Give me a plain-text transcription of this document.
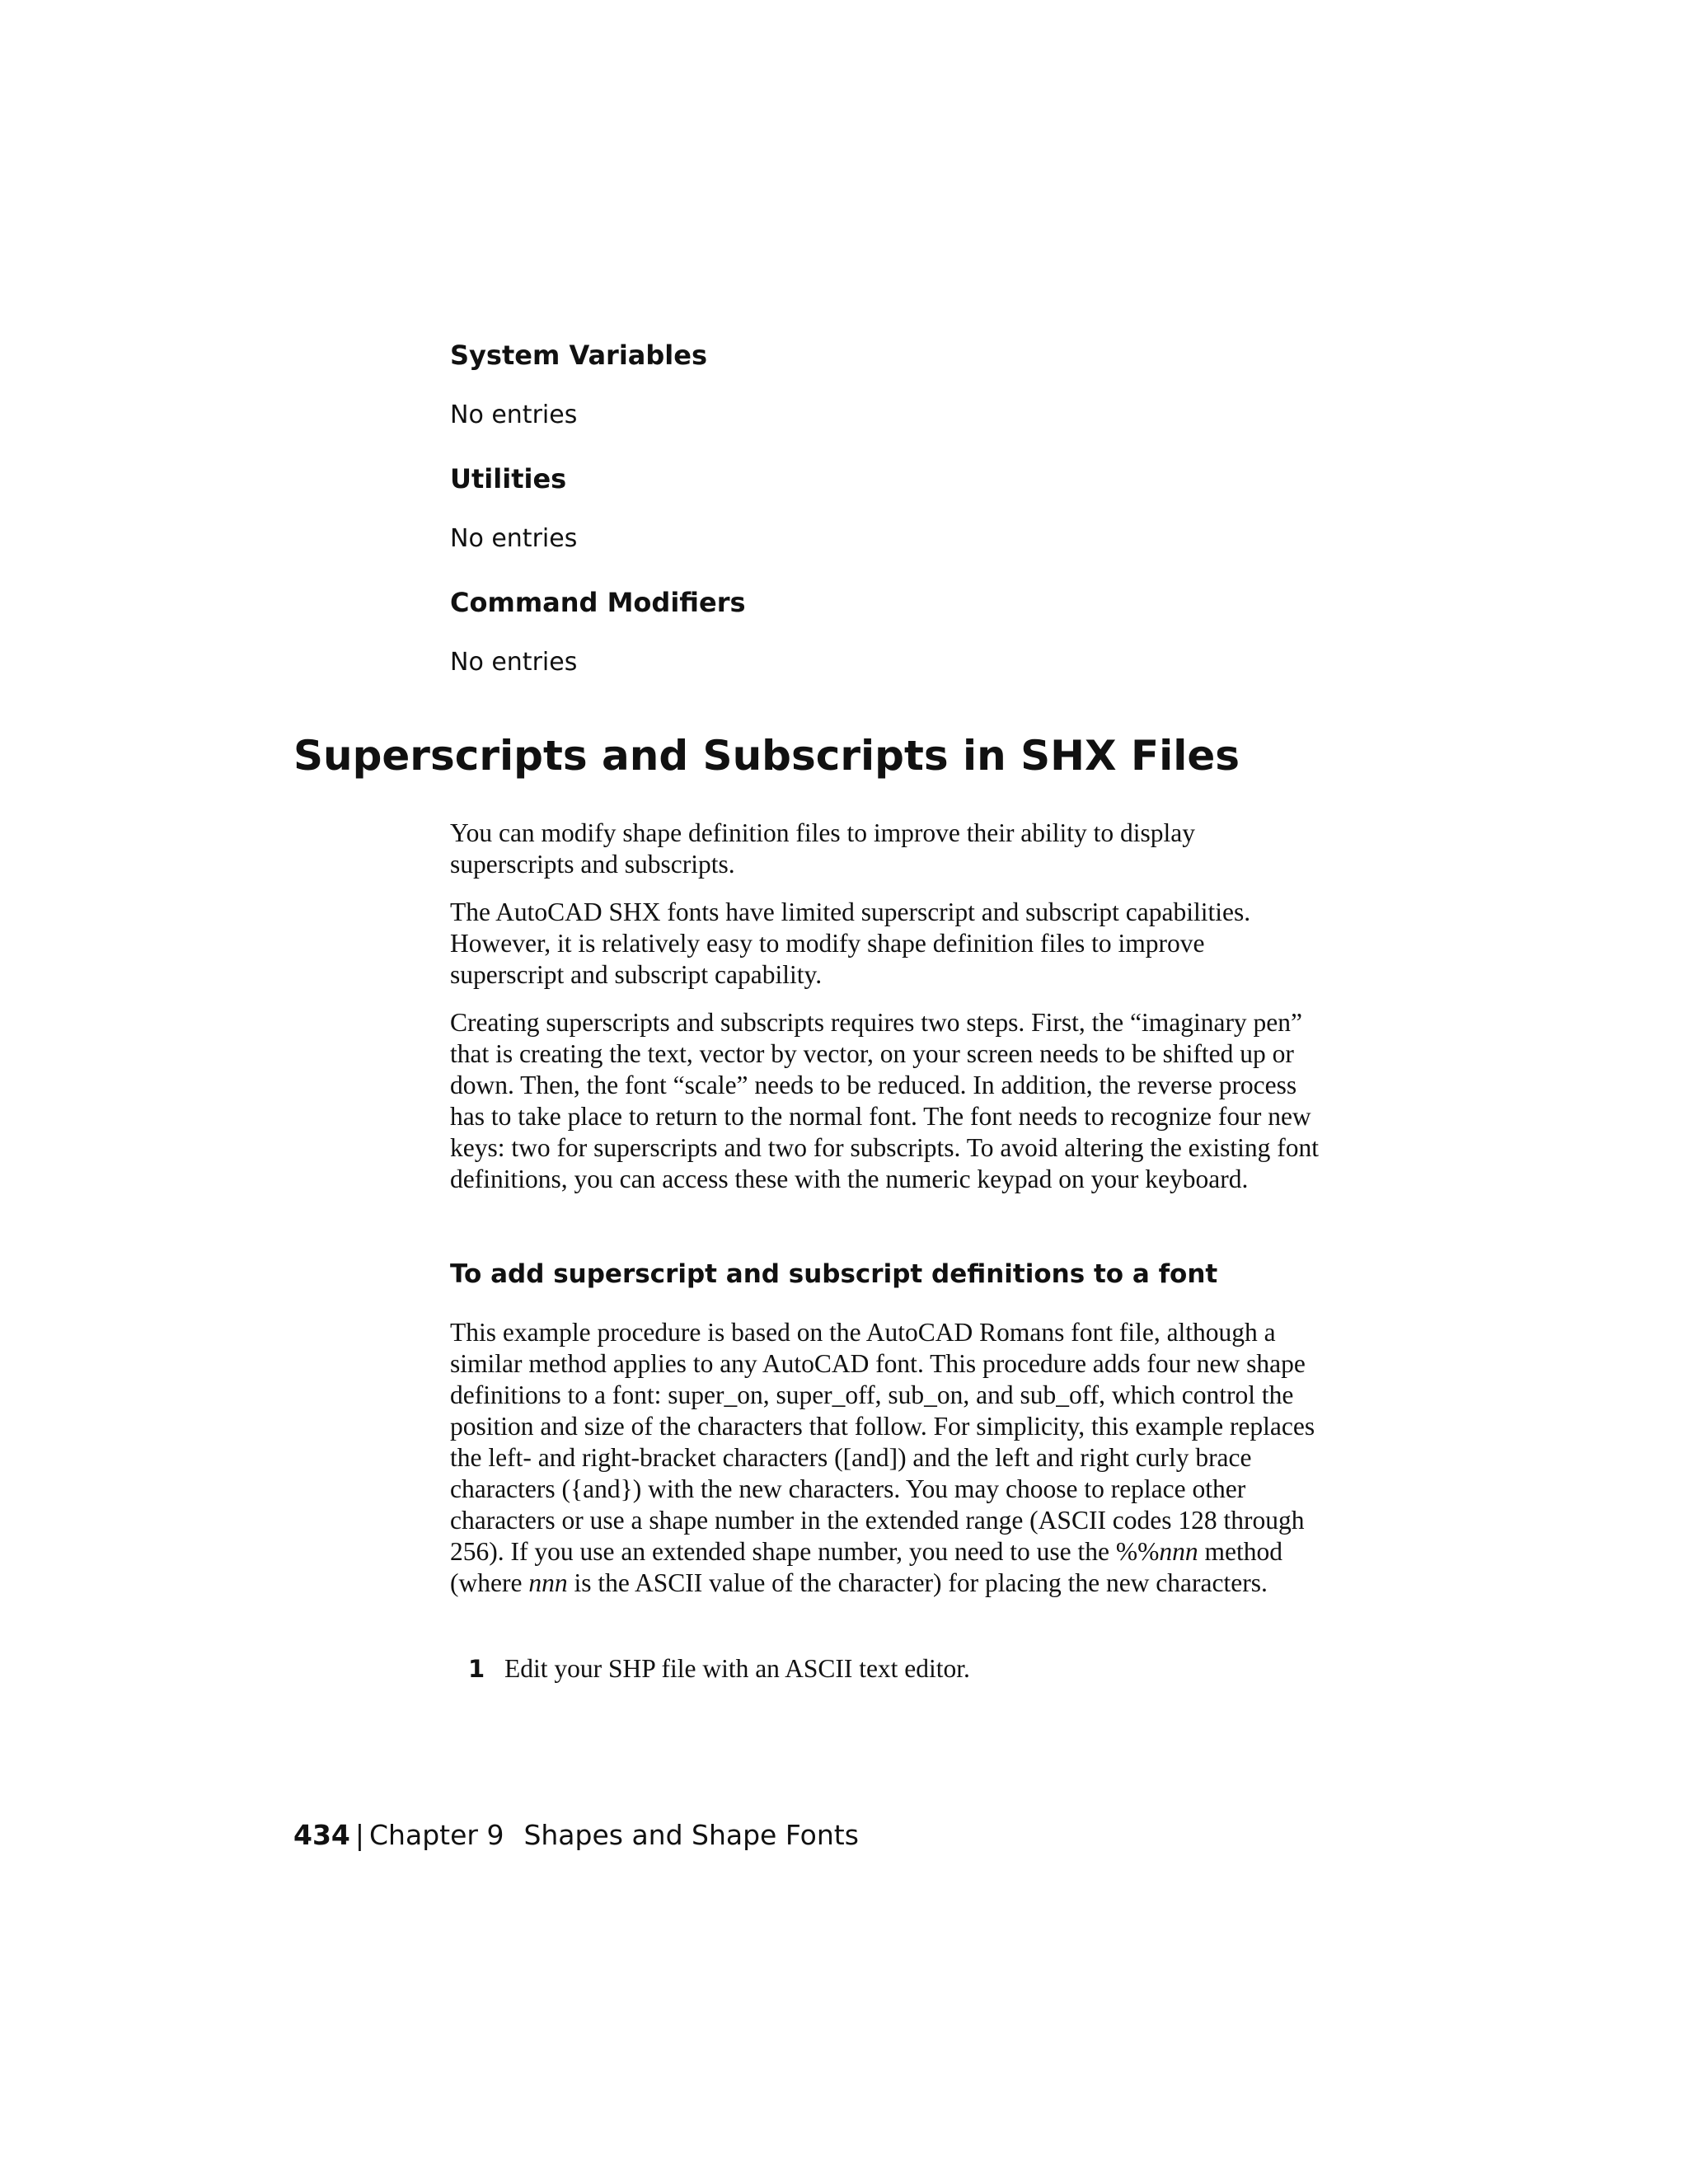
System Variables

No entries

Utilities

No entries

Command Modifiers

No entries

Superscripts and Subscripts in SHX Files

You can modify shape definition files to improve their ability to display superscripts and subscripts.

The AutoCAD SHX fonts have limited superscript and subscript capabilities. However, it is relatively easy to modify shape definition files to improve superscript and subscript capability.

Creating superscripts and subscripts requires two steps. First, the “imaginary pen” that is creating the text, vector by vector, on your screen needs to be shifted up or down. Then, the font “scale” needs to be reduced. In addition, the reverse process has to take place to return to the normal font. The font needs to recognize four new keys: two for superscripts and two for subscripts. To avoid altering the existing font definitions, you can access these with the numeric keypad on your keyboard.

To add superscript and subscript definitions to a font

This example procedure is based on the AutoCAD Romans font file, although a similar method applies to any AutoCAD font. This procedure adds four new shape definitions to a font: super_on, super_off, sub_on, and sub_off, which control the position and size of the characters that follow. For simplicity, this example replaces the left- and right-bracket characters ([and]) and the left and right curly brace characters ({and}) with the new characters. You may choose to replace other characters or use a shape number in the extended range (ASCII codes 128 through 256). If you use an extended shape number, you need to use the %%nnn method (where nnn is the ASCII value of the character) for placing the new characters.

1 Edit your SHP file with an ASCII text editor.
434 | Chapter 9 Shapes and Shape Fonts
